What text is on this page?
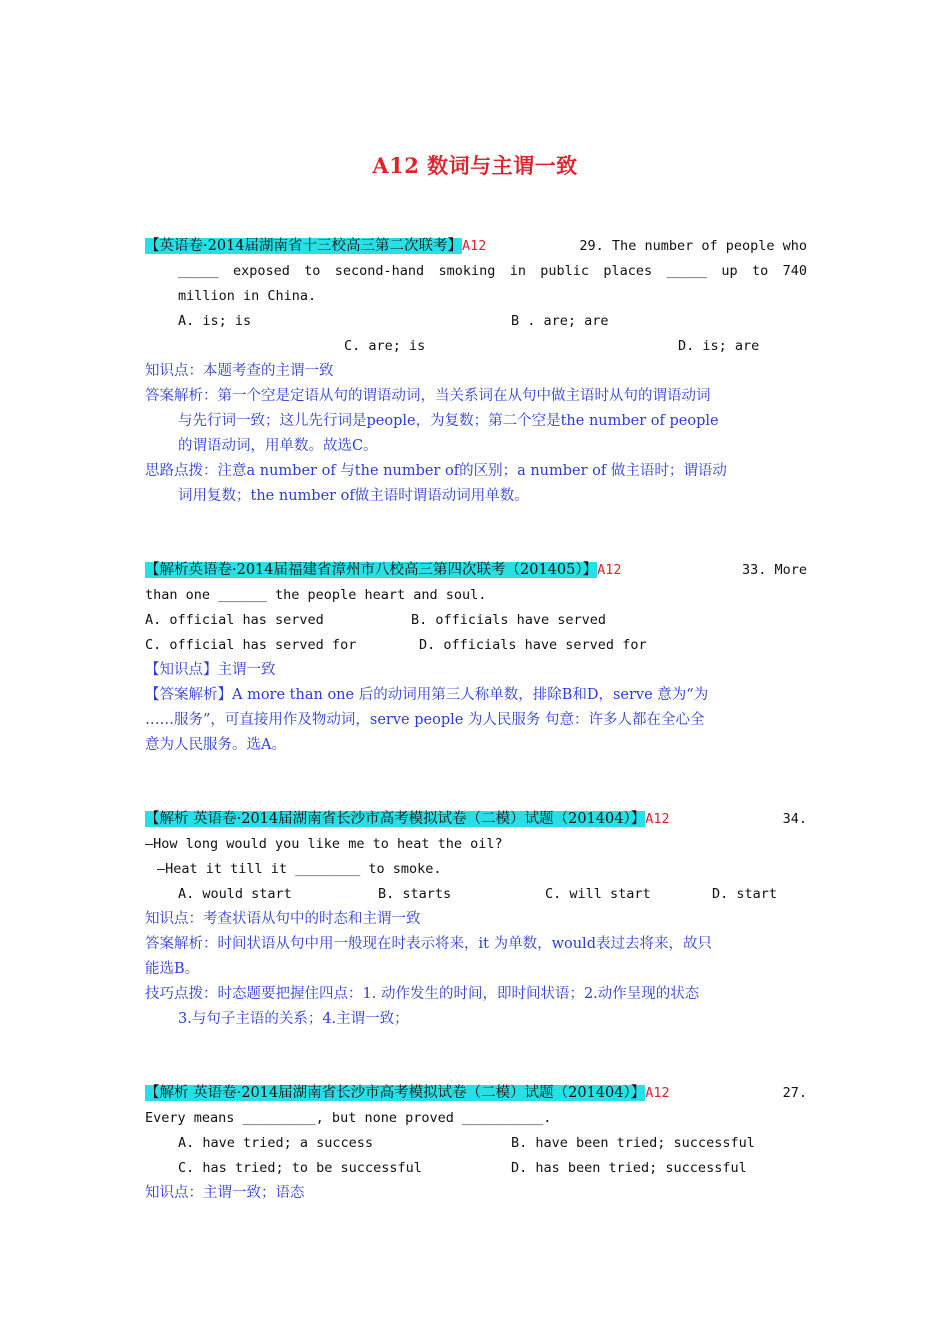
A12 数词与主谓一致
【英语卷·2014届湖南省十三校高三第二次联考】A12	29. The number of people who
_____ exposed to second-hand smoking in public places _____ up to 740
million in China.
A. is; is	B . are; are
C. are; is	D. is; are
知识点：本题考查的主谓一致
答案解析：第一个空是定语从句的谓语动词，当关系词在从句中做主语时从句的谓语动词
与先行词一致；这儿先行词是people，为复数；第二个空是the number of people
的谓语动词，用单数。故选C。
思路点拨：注意a number of 与the number of的区别；a number of 做主语时；谓语动
词用复数；the number of做主语时谓语动词用单数。
【解析英语卷·2014届福建省漳州市八校高三第四次联考（201405）】A12	33. More
than one ______ the people heart and soul.
A. official has served	B. officials have served
C. official has served for	D. officials have served for
【知识点】主谓一致
【答案解析】A more than one 后的动词用第三人称单数，排除B和D，serve 意为“为
……服务”，可直接用作及物动词，serve people 为人民服务 句意：许多人都在全心全
意为人民服务。选A。
【解析 英语卷·2014届湖南省长沙市高考模拟试卷（二模）试题（201404）】A12	34.
—How long would you like me to heat the oil?
—Heat it till it ________ to smoke.
A. would start	B. starts	C. will start	D. start
知识点：考查状语从句中的时态和主谓一致
答案解析：时间状语从句中用一般现在时表示将来，it 为单数，would表过去将来，故只
能选B。
技巧点拨：时态题要把握住四点：1. 动作发生的时间，即时间状语；2.动作呈现的状态
3.与句子主语的关系；4.主谓一致；
【解析 英语卷·2014届湖南省长沙市高考模拟试卷（二模）试题（201404）】A12	27.
Every means _________, but none proved __________.
A. have tried; a success	B. have been tried; successful
C. has tried; to be successful	D. has been tried; successful
知识点：主谓一致；语态
